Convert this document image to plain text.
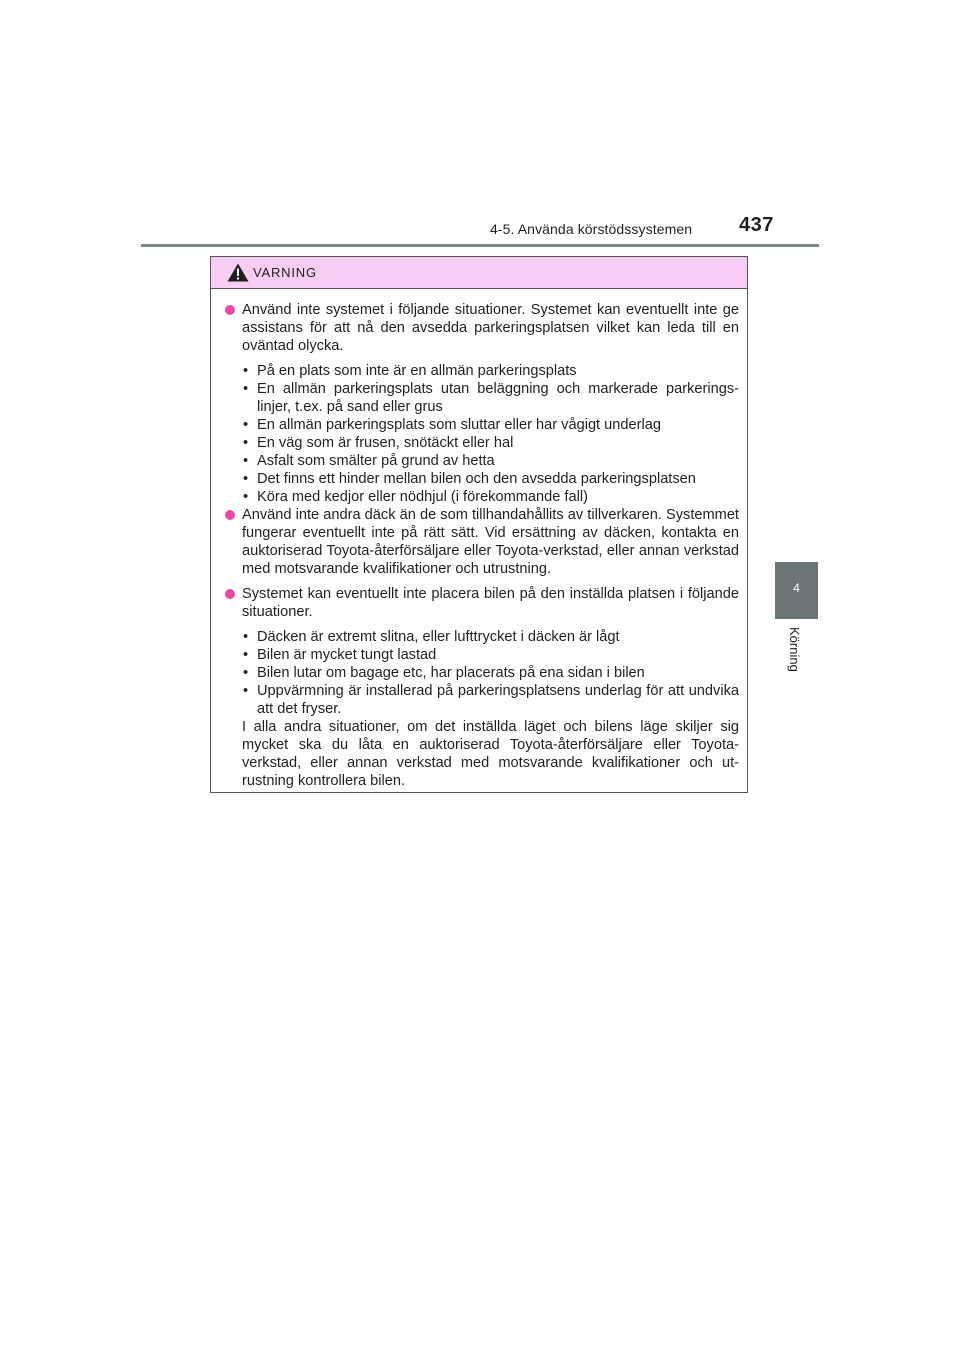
4-5. Använda körstödssystemen 437
4
Körning
VARNING

Använd inte systemet i följande situationer. Systemet kan eventuellt inte ge assistans för att nå den avsedda parkeringsplatsen vilket kan leda till en oväntad olycka.

• På en plats som inte är en allmän parkeringsplats
• En allmän parkeringsplats utan beläggning och markerade parkeringslinjer, t.ex. på sand eller grus
• En allmän parkeringsplats som sluttar eller har vågigt underlag
• En väg som är frusen, snötäckt eller hal
• Asfalt som smälter på grund av hetta
• Det finns ett hinder mellan bilen och den avsedda parkeringsplatsen
• Köra med kedjor eller nödhjul (i förekommande fall)

Använd inte andra däck än de som tillhandahållits av tillverkaren. Systemmet fungerar eventuellt inte på rätt sätt. Vid ersättning av däcken, kontakta en auktoriserad Toyota-återförsäljare eller Toyota-verkstad, eller annan verkstad med motsvarande kvalifikationer och utrustning.

Systemet kan eventuellt inte placera bilen på den inställda platsen i följande situationer.

• Däcken är extremt slitna, eller lufttrycket i däcken är lågt
• Bilen är mycket tungt lastad
• Bilen lutar om bagage etc, har placerats på ena sidan i bilen
• Uppvärmning är installerad på parkeringsplatsens underlag för att undvika att det fryser.

I alla andra situationer, om det inställda läget och bilens läge skiljer sig mycket ska du låta en auktoriserad Toyota-återförsäljare eller Toyota-verkstad, eller annan verkstad med motsvarande kvalifikationer och utrustning kontrollera bilen.
